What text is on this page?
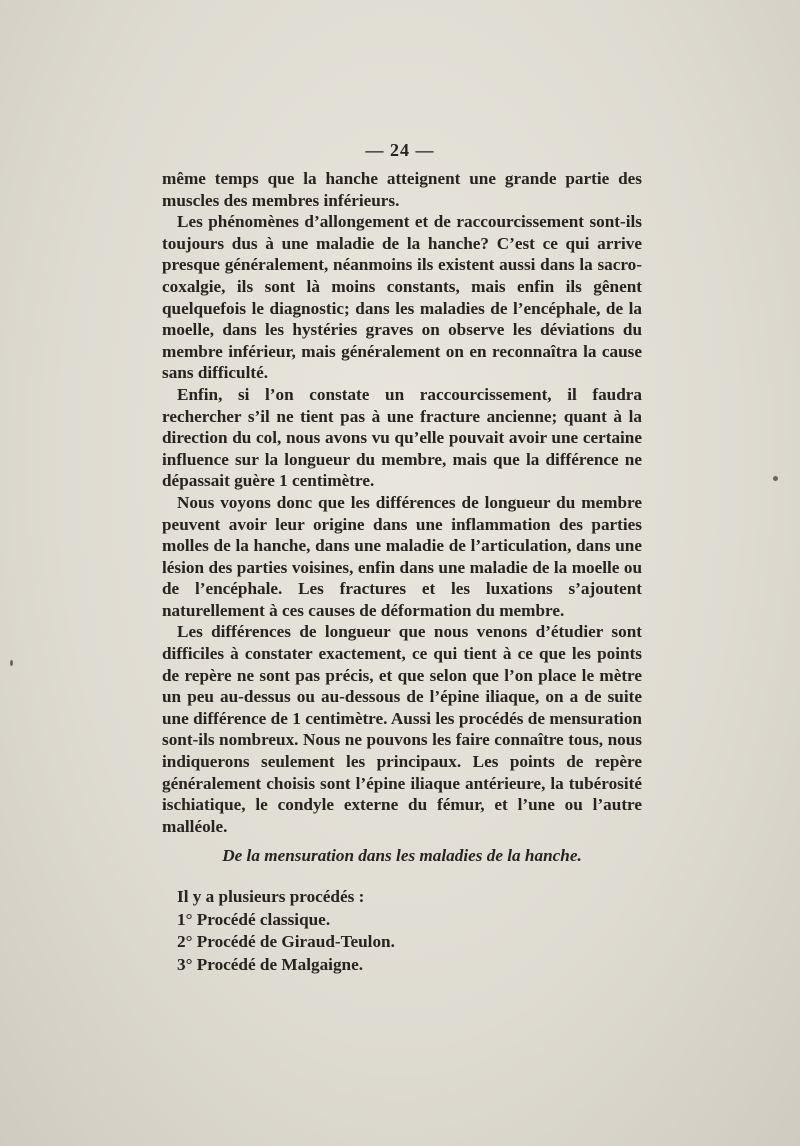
— 24 —

même temps que la hanche atteignent une grande partie des muscles des membres inférieurs.

Les phénomènes d’allongement et de raccourcissement sont-ils toujours dus à une maladie de la hanche? C’est ce qui arrive presque généralement, néanmoins ils existent aussi dans la sacro-coxalgie, ils sont là moins constants, mais enfin ils gênent quelquefois le diagnostic; dans les maladies de l’encéphale, de la moelle, dans les hystéries graves on observe les déviations du membre inférieur, mais généralement on en reconnaîtra la cause sans difficulté.

Enfin, si l’on constate un raccourcissement, il faudra rechercher s’il ne tient pas à une fracture ancienne; quant à la direction du col, nous avons vu qu’elle pouvait avoir une certaine influence sur la longueur du membre, mais que la différence ne dépassait guère 1 centimètre.

Nous voyons donc que les différences de longueur du membre peuvent avoir leur origine dans une inflammation des parties molles de la hanche, dans une maladie de l’articulation, dans une lésion des parties voisines, enfin dans une maladie de la moelle ou de l’encéphale. Les fractures et les luxations s’ajoutent naturellement à ces causes de déformation du membre.

Les différences de longueur que nous venons d’étudier sont difficiles à constater exactement, ce qui tient à ce que les points de repère ne sont pas précis, et que selon que l’on place le mètre un peu au-dessus ou au-dessous de l’épine iliaque, on a de suite une différence de 1 centimètre. Aussi les procédés de mensuration sont-ils nombreux. Nous ne pouvons les faire connaître tous, nous indiquerons seulement les principaux. Les points de repère généralement choisis sont l’épine iliaque antérieure, la tubérosité ischiatique, le condyle externe du fémur, et l’une ou l’autre malléole.

De la mensuration dans les maladies de la hanche.

Il y a plusieurs procédés :

1° Procédé classique.
2° Procédé de Giraud-Teulon.
3° Procédé de Malgaigne.
